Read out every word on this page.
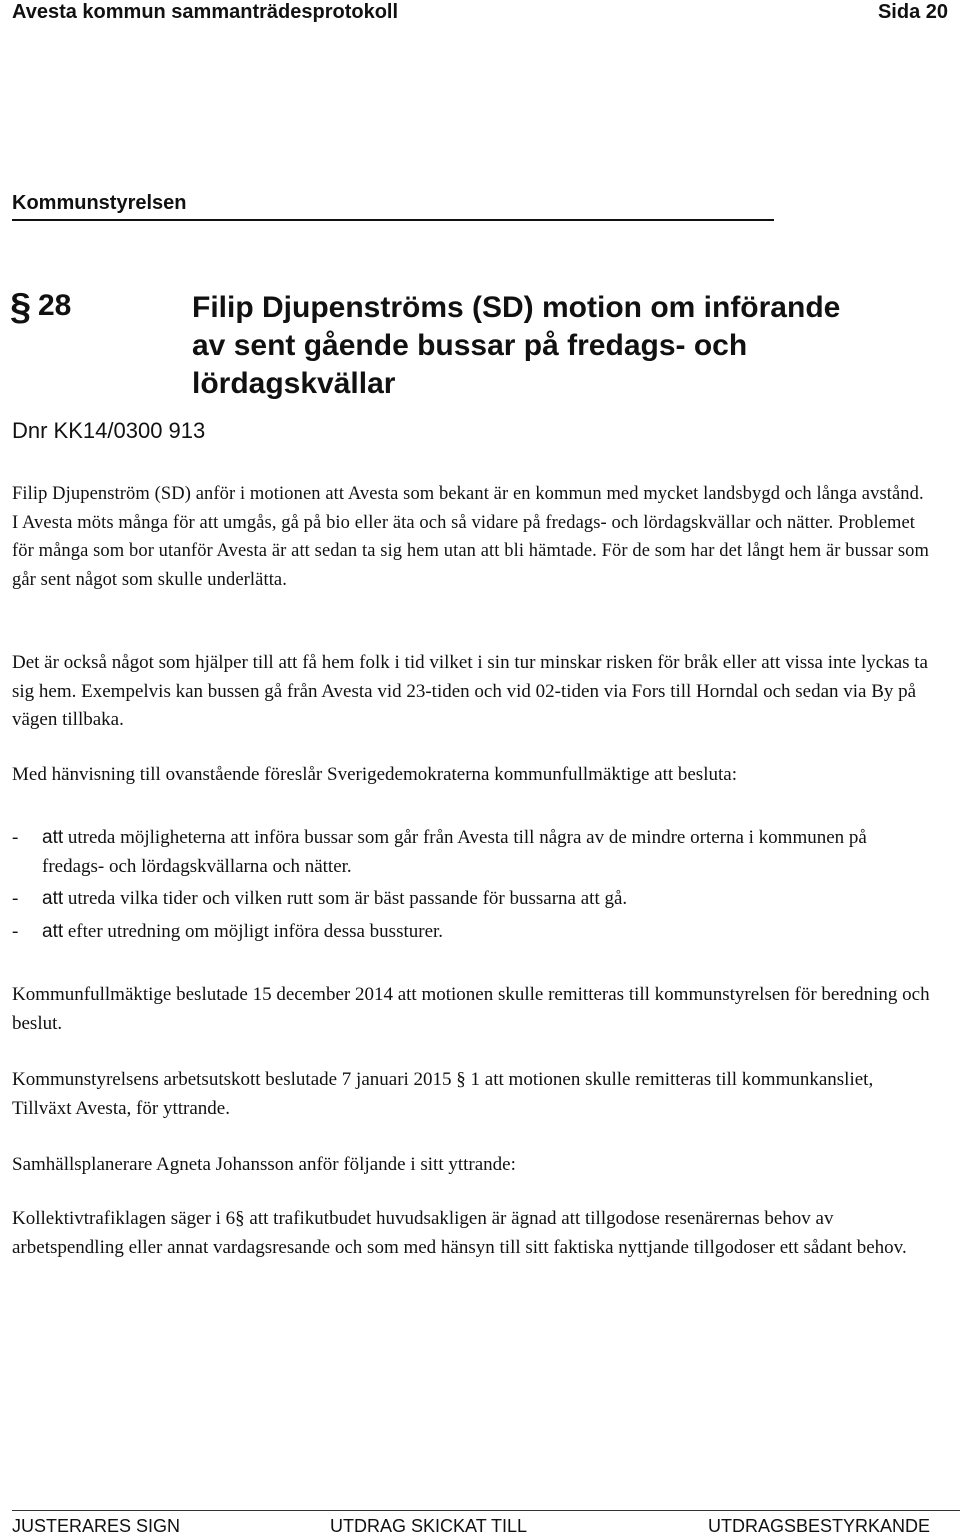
Avesta kommun sammanträdesprotokoll	Sida 20
Kommunstyrelsen
§ 28	Filip Djupenströms (SD) motion om införande
av sent gående bussar på fredags- och
lördagskvällar
Dnr KK14/0300 913

Filip Djupenström (SD) anför i motionen att Avesta som bekant är en kommun med mycket landsbygd och långa avstånd. I Avesta möts många för att umgås, gå på bio eller äta och så vidare på fredags- och lördagskvällar och nätter. Problemet för många som bor utanför Avesta är att sedan ta sig hem utan att bli hämtade. För de som har det långt hem är bussar som går sent något som skulle underlätta.

Det är också något som hjälper till att få hem folk i tid vilket i sin tur minskar risken för bråk eller att vissa inte lyckas ta sig hem. Exempelvis kan bussen gå från Avesta vid 23-tiden och vid 02-tiden via Fors till Horndal och sedan via By på vägen tillbaka.

Med hänvisning till ovanstående föreslår Sverigedemokraterna kommunfullmäktige att besluta:

- att utreda möjligheterna att införa bussar som går från Avesta till några av de mindre orterna i kommunen på fredags- och lördagskvällarna och nätter.
- att utreda vilka tider och vilken rutt som är bäst passande för bussarna att gå.
- att efter utredning om möjligt införa dessa bussturer.

Kommunfullmäktige beslutade 15 december 2014 att motionen skulle remitteras till kommunstyrelsen för beredning och beslut.

Kommunstyrelsens arbetsutskott beslutade 7 januari 2015 § 1 att motionen skulle remitteras till kommunkansliet, Tillväxt Avesta, för yttrande.

Samhällsplanerare Agneta Johansson anför följande i sitt yttrande:

Kollektivtrafiklagen säger i 6§ att trafikutbudet huvudsakligen är ägnad att tillgodose resenärernas behov av arbetspendling eller annat vardagsresande och som med hänsyn till sitt faktiska nyttjande tillgodoser ett sådant behov.

JUSTERARES SIGN	UTDRAG SKICKAT TILL	UTDRAGSBESTYRKANDE
